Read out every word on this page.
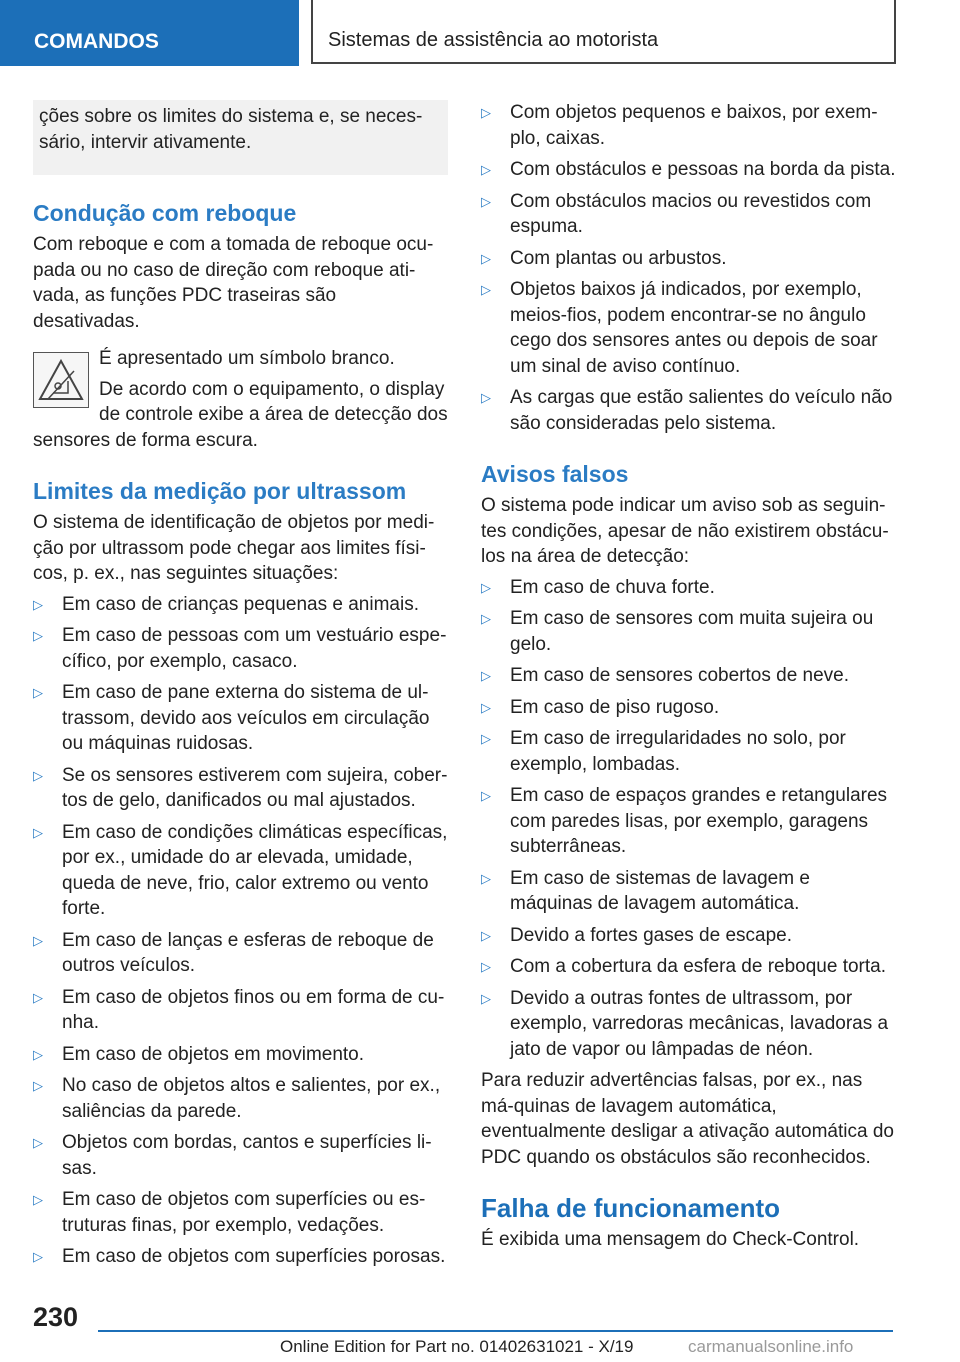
COMANDOS	Sistemas de assistência ao motorista

ções sobre os limites do sistema e, se neces-sário, intervir ativamente.

Condução com reboque

Com reboque e com a tomada de reboque ocu-pada ou no caso de direção com reboque ati-vada, as funções PDC traseiras são desativadas.

É apresentado um símbolo branco.

De acordo com o equipamento, o display de controle exibe a área de detecção dos sensores de forma escura.

Limites da medição por ultrassom

O sistema de identificação de objetos por medi-ção por ultrassom pode chegar aos limites físi-cos, p. ex., nas seguintes situações:

▷ Em caso de crianças pequenas e animais.
▷ Em caso de pessoas com um vestuário espe-cífico, por exemplo, casaco.
▷ Em caso de pane externa do sistema de ul-trassom, devido aos veículos em circulação ou máquinas ruidosas.
▷ Se os sensores estiverem com sujeira, cober-tos de gelo, danificados ou mal ajustados.
▷ Em caso de condições climáticas específicas, por ex., umidade do ar elevada, umidade, queda de neve, frio, calor extremo ou vento forte.
▷ Em caso de lanças e esferas de reboque de outros veículos.
▷ Em caso de objetos finos ou em forma de cu-nha.
▷ Em caso de objetos em movimento.
▷ No caso de objetos altos e salientes, por ex., saliências da parede.
▷ Objetos com bordas, cantos e superfícies li-sas.
▷ Em caso de objetos com superfícies ou es-truturas finas, por exemplo, vedações.
▷ Em caso de objetos com superfícies porosas.
▷ Com objetos pequenos e baixos, por exem-plo, caixas.
▷ Com obstáculos e pessoas na borda da pista.
▷ Com obstáculos macios ou revestidos com espuma.
▷ Com plantas ou arbustos.
▷ Objetos baixos já indicados, por exemplo, meios-fios, podem encontrar-se no ângulo cego dos sensores antes ou depois de soar um sinal de aviso contínuo.
▷ As cargas que estão salientes do veículo não são consideradas pelo sistema.
Avisos falsos

O sistema pode indicar um aviso sob as seguin-tes condições, apesar de não existirem obstácu-los na área de detecção:

▷ Em caso de chuva forte.
▷ Em caso de sensores com muita sujeira ou gelo.
▷ Em caso de sensores cobertos de neve.
▷ Em caso de piso rugoso.
▷ Em caso de irregularidades no solo, por exemplo, lombadas.
▷ Em caso de espaços grandes e retangulares com paredes lisas, por exemplo, garagens subterrâneas.
▷ Em caso de sistemas de lavagem e máquinas de lavagem automática.
▷ Devido a fortes gases de escape.
▷ Com a cobertura da esfera de reboque torta.
▷ Devido a outras fontes de ultrassom, por exemplo, varredoras mecânicas, lavadoras a jato de vapor ou lâmpadas de néon.

Para reduzir advertências falsas, por ex., nas má-quinas de lavagem automática, eventualmente desligar a ativação automática do PDC quando os obstáculos são reconhecidos.

Falha de funcionamento

É exibida uma mensagem do Check-Control.

230
Online Edition for Part no. 01402631021 - X/19	carmanualsonline.info
